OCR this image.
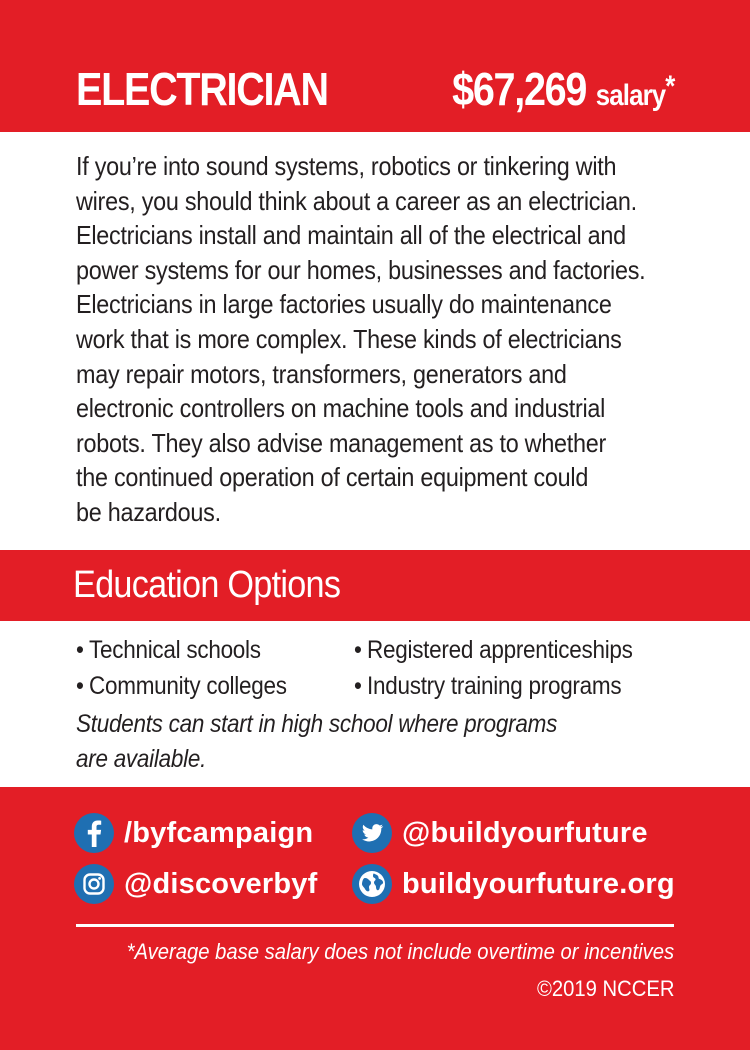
ELECTRICIAN	$67,269 salary*
If you’re into sound systems, robotics or tinkering with
wires, you should think about a career as an electrician.
Electricians install and maintain all of the electrical and
power systems for our homes, businesses and factories.
Electricians in large factories usually do maintenance
work that is more complex. These kinds of electricians
may repair motors, transformers, generators and
electronic controllers on machine tools and industrial
robots. They also advise management as to whether
the continued operation of certain equipment could
be hazardous.
Education Options
• Technical schools	• Registered apprenticeships
• Community colleges	• Industry training programs
Students can start in high school where programs
are available.
/byfcampaign	@buildyourfuture
@discoverbyf	buildyourfuture.org
*Average base salary does not include overtime or incentives
©2019 NCCER
